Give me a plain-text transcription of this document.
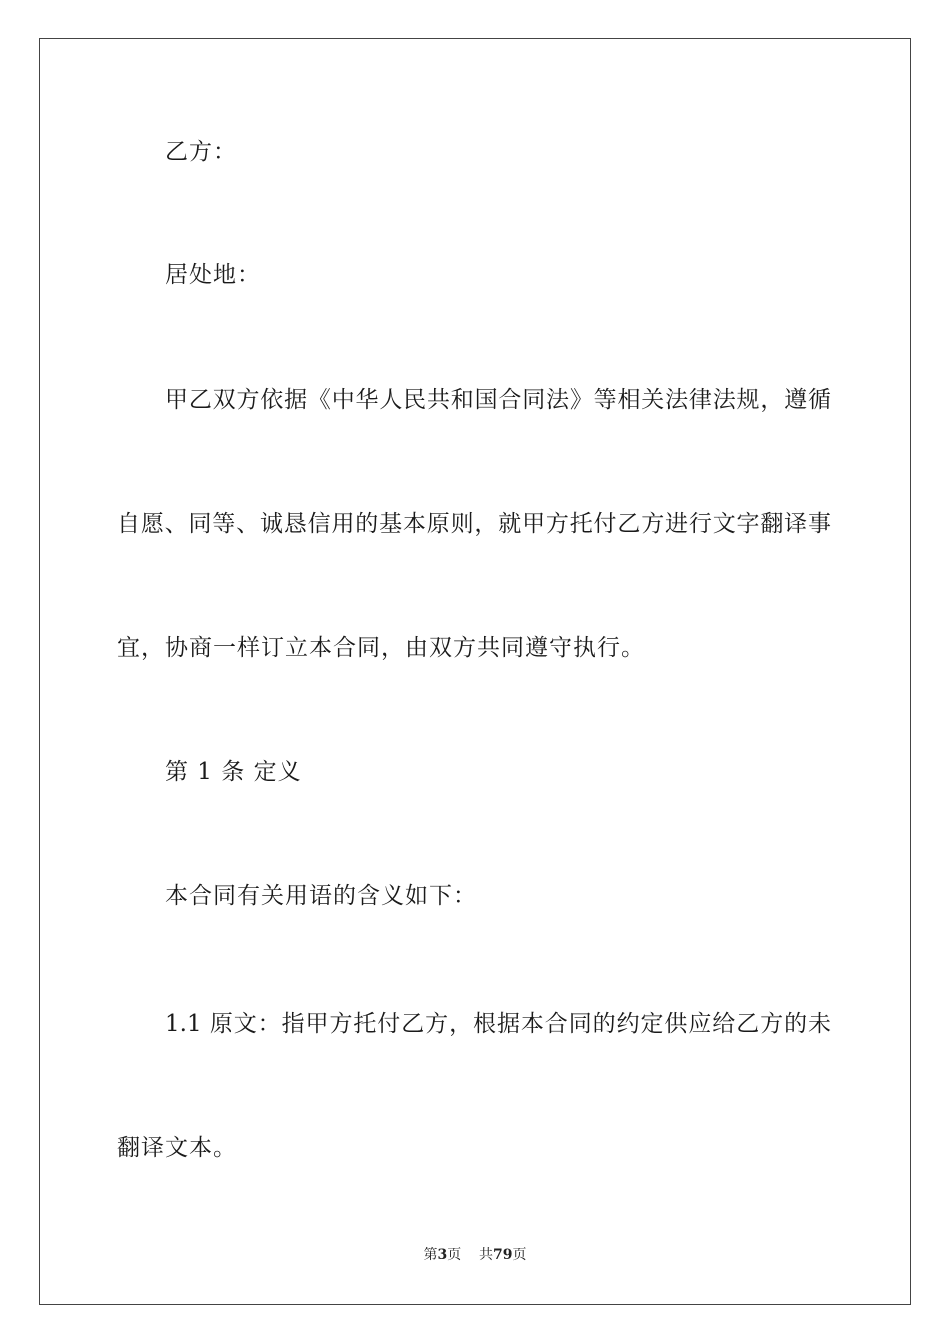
乙方：
居处地：
甲乙双方依据《中华人民共和国合同法》等相关法律法规，遵循
自愿、同等、诚恳信用的基本原则，就甲方托付乙方进行文字翻译事
宜，协商一样订立本合同，由双方共同遵守执行。
第 1 条 定义
本合同有关用语的含义如下：
1.1 原文：指甲方托付乙方，根据本合同的约定供应给乙方的未
翻译文本。
第3页 共79页
